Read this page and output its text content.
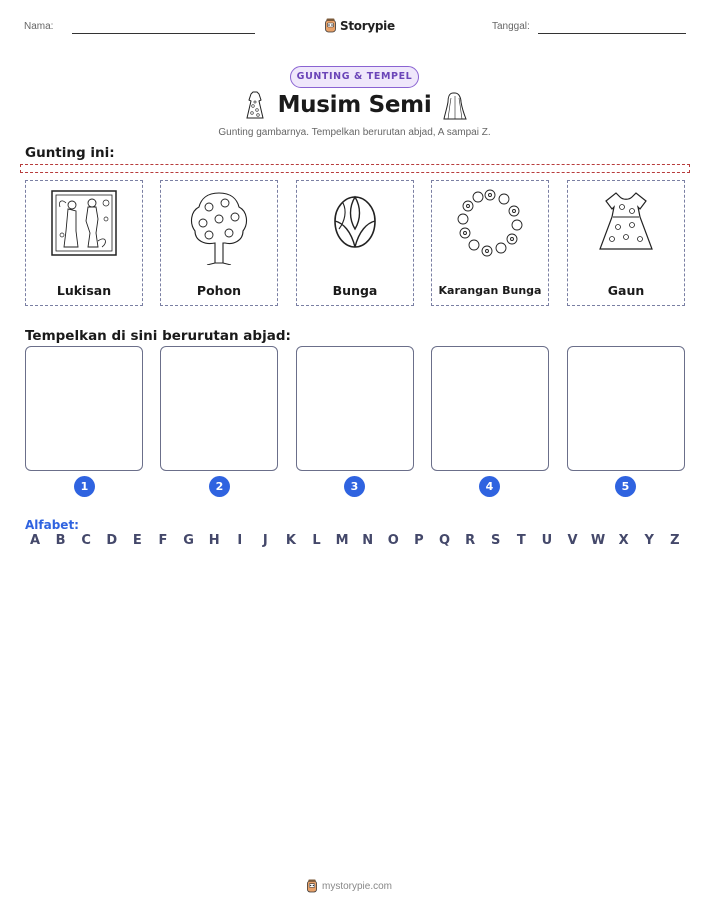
Nama:	Storypie	Tanggal:
GUNTING & TEMPEL
Musim Semi
Gunting gambarnya. Tempelkan berurutan abjad, A sampai Z.
Gunting ini:
Lukisan	Pohon	Bunga	Karangan Bunga	Gaun
Tempelkan di sini berurutan abjad:
1	2	3	4	5
Alfabet:
A	B	C	D	E	F	G	H	I	J	K	L	M	N	O	P	Q	R	S	T	U	V	W	X	Y	Z
mystorypie.com
